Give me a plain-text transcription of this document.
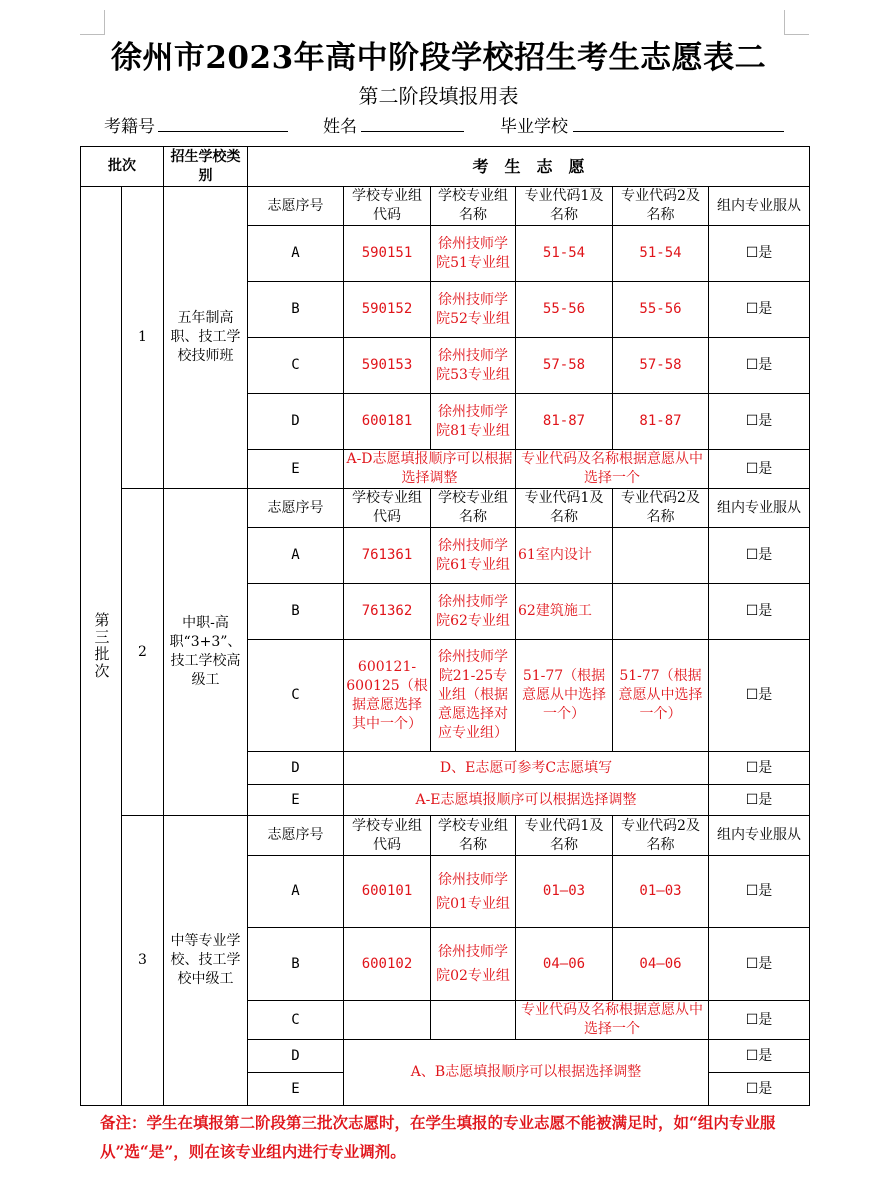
徐州市2023年高中阶段学校招生考生志愿表二
第二阶段填报用表
考籍号	姓名	毕业学校
批次		招生学校类别	考　生　志　愿					
第三批次	1	五年制高职、技工学校技师班	志愿序号	学校专业组代码	学校专业组名称	专业代码1及名称	专业代码2及名称	组内专业服从
			A	590151	徐州技师学院51专业组	51-54	51-54	☐是
			B	590152	徐州技师学院52专业组	55-56	55-56	☐是
			C	590153	徐州技师学院53专业组	57-58	57-58	☐是
			D	600181	徐州技师学院81专业组	81-87	81-87	☐是
			E	A-D志愿填报顺序可以根据选择调整		专业代码及名称根据意愿从中选择一个		☐是
	2	中职-高职“3+3”、技工学校高级工	志愿序号	学校专业组代码	学校专业组名称	专业代码1及名称	专业代码2及名称	组内专业服从
			A	761361	徐州技师学院61专业组	61室内设计		☐是
			B	761362	徐州技师学院62专业组	62建筑施工		☐是
			C	600121-600125（根据意愿选择其中一个）	徐州技师学院21-25专业组（根据意愿选择对应专业组）	51-77（根据意愿从中选择一个）	51-77（根据意愿从中选择一个）	☐是
			D	D、E志愿可参考C志愿填写				☐是
			E	A-E志愿填报顺序可以根据选择调整				☐是
	3	中等专业学校、技工学校中级工	志愿序号	学校专业组代码	学校专业组名称	专业代码1及名称	专业代码2及名称	组内专业服从
			A	600101	徐州技师学院01专业组	01—03	01—03	☐是
			B	600102	徐州技师学院02专业组	04—06	04—06	☐是
			C			专业代码及名称根据意愿从中选择一个		☐是
			D	A、B志愿填报顺序可以根据选择调整				☐是
			E					☐是
备注：学生在填报第二阶段第三批次志愿时，在学生填报的专业志愿不能被满足时，如“组内专业服从”选“是”，则在该专业组内进行专业调剂。
